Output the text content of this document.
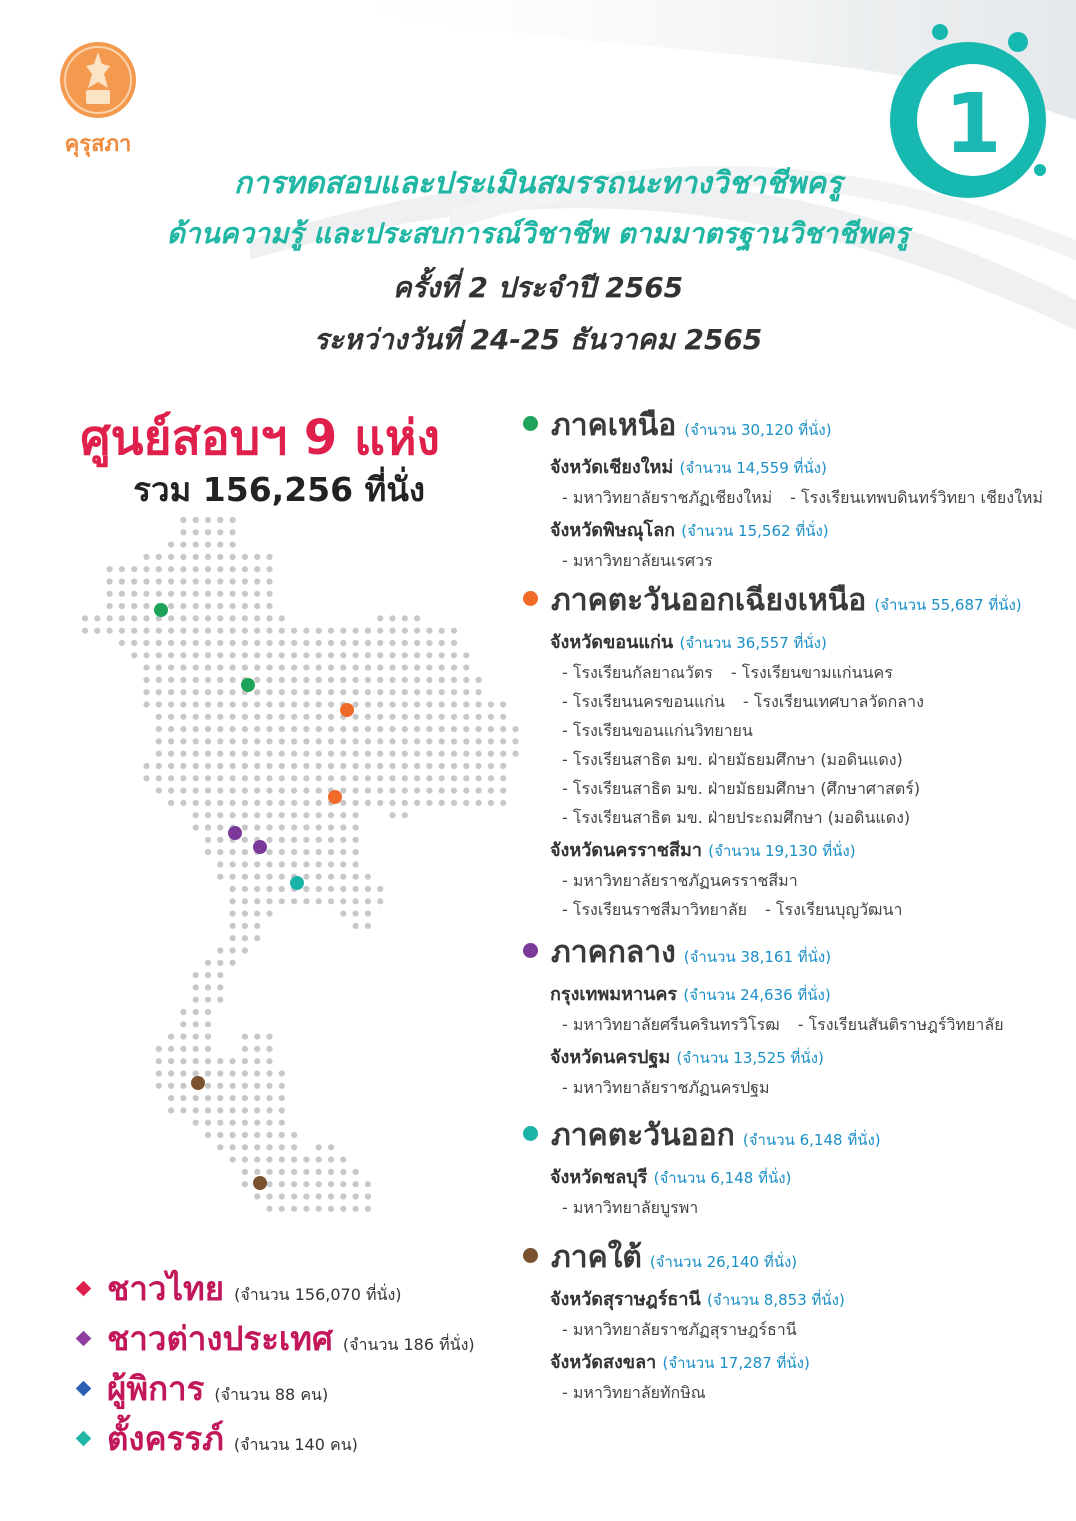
คุรุสภา	1
การทดสอบและประเมินสมรรถนะทางวิชาชีพครู
ด้านความรู้ และประสบการณ์วิชาชีพ ตามมาตรฐานวิชาชีพครู
ครั้งที่ 2 ประจำปี 2565
ระหว่างวันที่ 24-25 ธันวาคม 2565
ศูนย์สอบฯ 9 แห่ง
รวม 156,256 ที่นั่ง
ชาวไทย (จำนวน 156,070 ที่นั่ง)
ชาวต่างประเทศ (จำนวน 186 ที่นั่ง)
ผู้พิการ (จำนวน 88 คน)
ตั้งครรภ์ (จำนวน 140 คน)
ภาคเหนือ (จำนวน 30,120 ที่นั่ง)
จังหวัดเชียงใหม่ (จำนวน 14,559 ที่นั่ง)
- มหาวิทยาลัยราชภัฏเชียงใหม่ - โรงเรียนเทพบดินทร์วิทยา เชียงใหม่
จังหวัดพิษณุโลก (จำนวน 15,562 ที่นั่ง)
- มหาวิทยาลัยนเรศวร
ภาคตะวันออกเฉียงเหนือ (จำนวน 55,687 ที่นั่ง)
จังหวัดขอนแก่น (จำนวน 36,557 ที่นั่ง)
- โรงเรียนกัลยาณวัตร - โรงเรียนขามแก่นนคร
- โรงเรียนนครขอนแก่น - โรงเรียนเทศบาลวัดกลาง
- โรงเรียนขอนแก่นวิทยายน
- โรงเรียนสาธิต มข. ฝ่ายมัธยมศึกษา (มอดินแดง)
- โรงเรียนสาธิต มข. ฝ่ายมัธยมศึกษา (ศึกษาศาสตร์)
- โรงเรียนสาธิต มข. ฝ่ายประถมศึกษา (มอดินแดง)
จังหวัดนครราชสีมา (จำนวน 19,130 ที่นั่ง)
- มหาวิทยาลัยราชภัฏนครราชสีมา
- โรงเรียนราชสีมาวิทยาลัย - โรงเรียนบุญวัฒนา
ภาคกลาง (จำนวน 38,161 ที่นั่ง)
กรุงเทพมหานคร (จำนวน 24,636 ที่นั่ง)
- มหาวิทยาลัยศรีนครินทรวิโรฒ - โรงเรียนสันติราษฎร์วิทยาลัย
จังหวัดนครปฐม (จำนวน 13,525 ที่นั่ง)
- มหาวิทยาลัยราชภัฏนครปฐม
ภาคตะวันออก (จำนวน 6,148 ที่นั่ง)
จังหวัดชลบุรี (จำนวน 6,148 ที่นั่ง)
- มหาวิทยาลัยบูรพา
ภาคใต้ (จำนวน 26,140 ที่นั่ง)
จังหวัดสุราษฎร์ธานี (จำนวน 8,853 ที่นั่ง)
- มหาวิทยาลัยราชภัฏสุราษฎร์ธานี
จังหวัดสงขลา (จำนวน 17,287 ที่นั่ง)
- มหาวิทยาลัยทักษิณ
